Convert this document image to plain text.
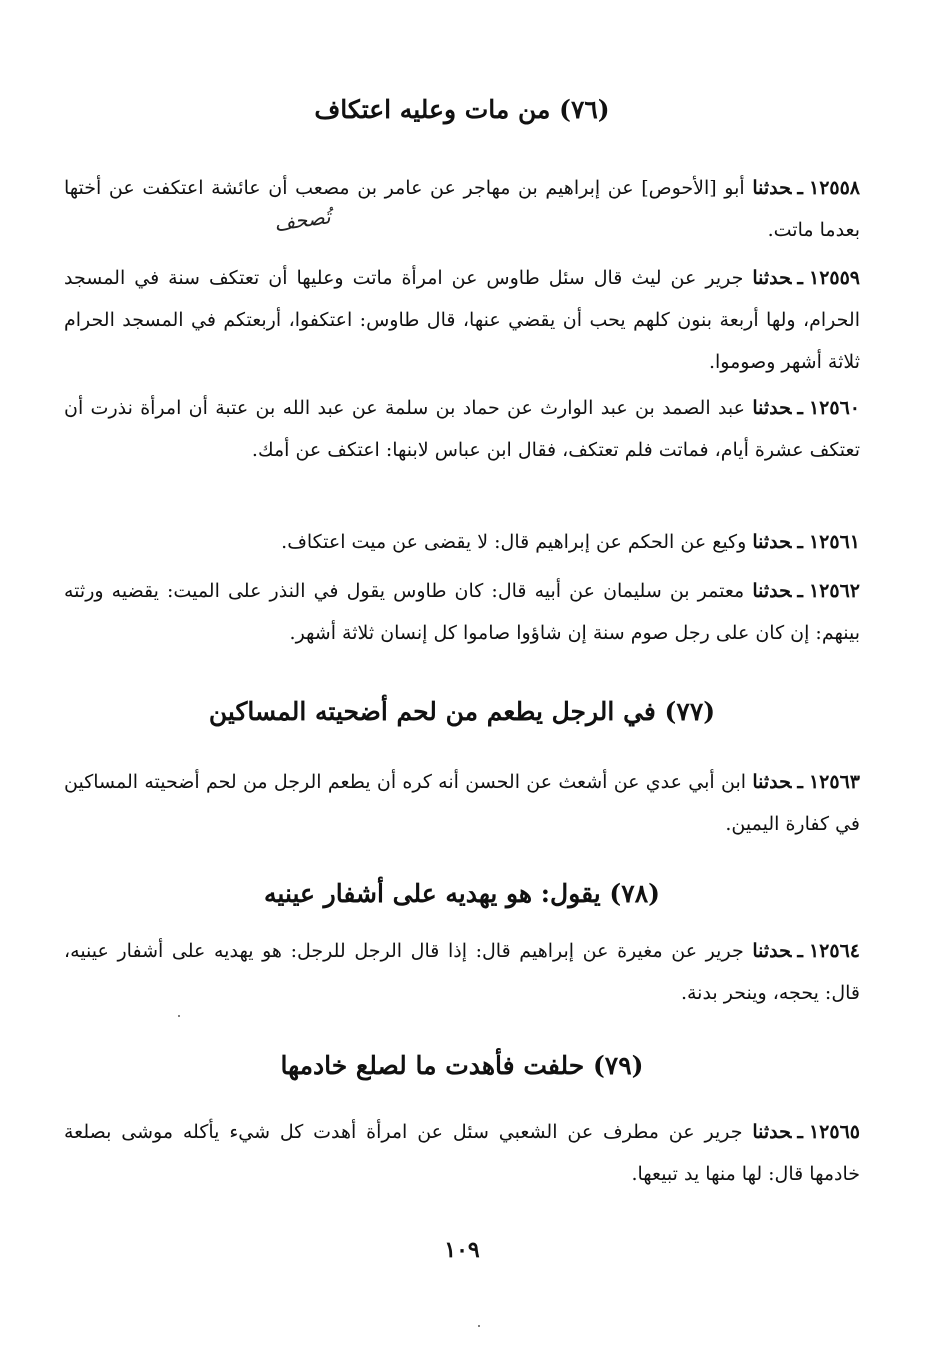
(٧٦) من مات وعليه اعتكاف
١٢٥٥٨ـحدثنا أبو [الأحوص] عن إبراهيم بن مهاجر عن عامر بن مصعب أن عائشة اعتكفت عن أختها بعدما ماتت.
تُصحف
١٢٥٥٩ـحدثنا جرير عن ليث قال سئل طاوس عن امرأة ماتت وعليها أن تعتكف سنة في المسجد الحرام، ولها أربعة بنون كلهم يحب أن يقضي عنها، قال طاوس: اعتكفوا، أربعتكم في المسجد الحرام ثلاثة أشهر وصوموا.
١٢٥٦٠ـحدثنا عبد الصمد بن عبد الوارث عن حماد بن سلمة عن عبد الله بن عتبة أن امرأة نذرت أن تعتكف عشرة أيام، فماتت فلم تعتكف، فقال ابن عباس لابنها: اعتكف عن أمك.
١٢٥٦١ـحدثنا وكيع عن الحكم عن إبراهيم قال: لا يقضى عن ميت اعتكاف.
١٢٥٦٢ـحدثنا معتمر بن سليمان عن أبيه قال: كان طاوس يقول في النذر على الميت: يقضيه ورثته بينهم: إن كان على رجل صوم سنة إن شاؤوا صاموا كل إنسان ثلاثة أشهر.
(٧٧) في الرجل يطعم من لحم أضحيته المساكين
١٢٥٦٣ـحدثنا ابن أبي عدي عن أشعث عن الحسن أنه كره أن يطعم الرجل من لحم أضحيته المساكين في كفارة اليمين.
(٧٨) يقول: هو يهديه على أشفار عينيه
١٢٥٦٤ـحدثنا جرير عن مغيرة عن إبراهيم قال: إذا قال الرجل للرجل: هو يهديه على أشفار عينيه، قال: يحجه، وينحر بدنة.
(٧٩) حلفت فأهدت ما لصلع خادمها
١٢٥٦٥ـحدثنا جرير عن مطرف عن الشعبي سئل عن امرأة أهدت كل شيء يأكله موشى بصلعة خادمها قال: لها منها يد تبيعها.
١٠٩
